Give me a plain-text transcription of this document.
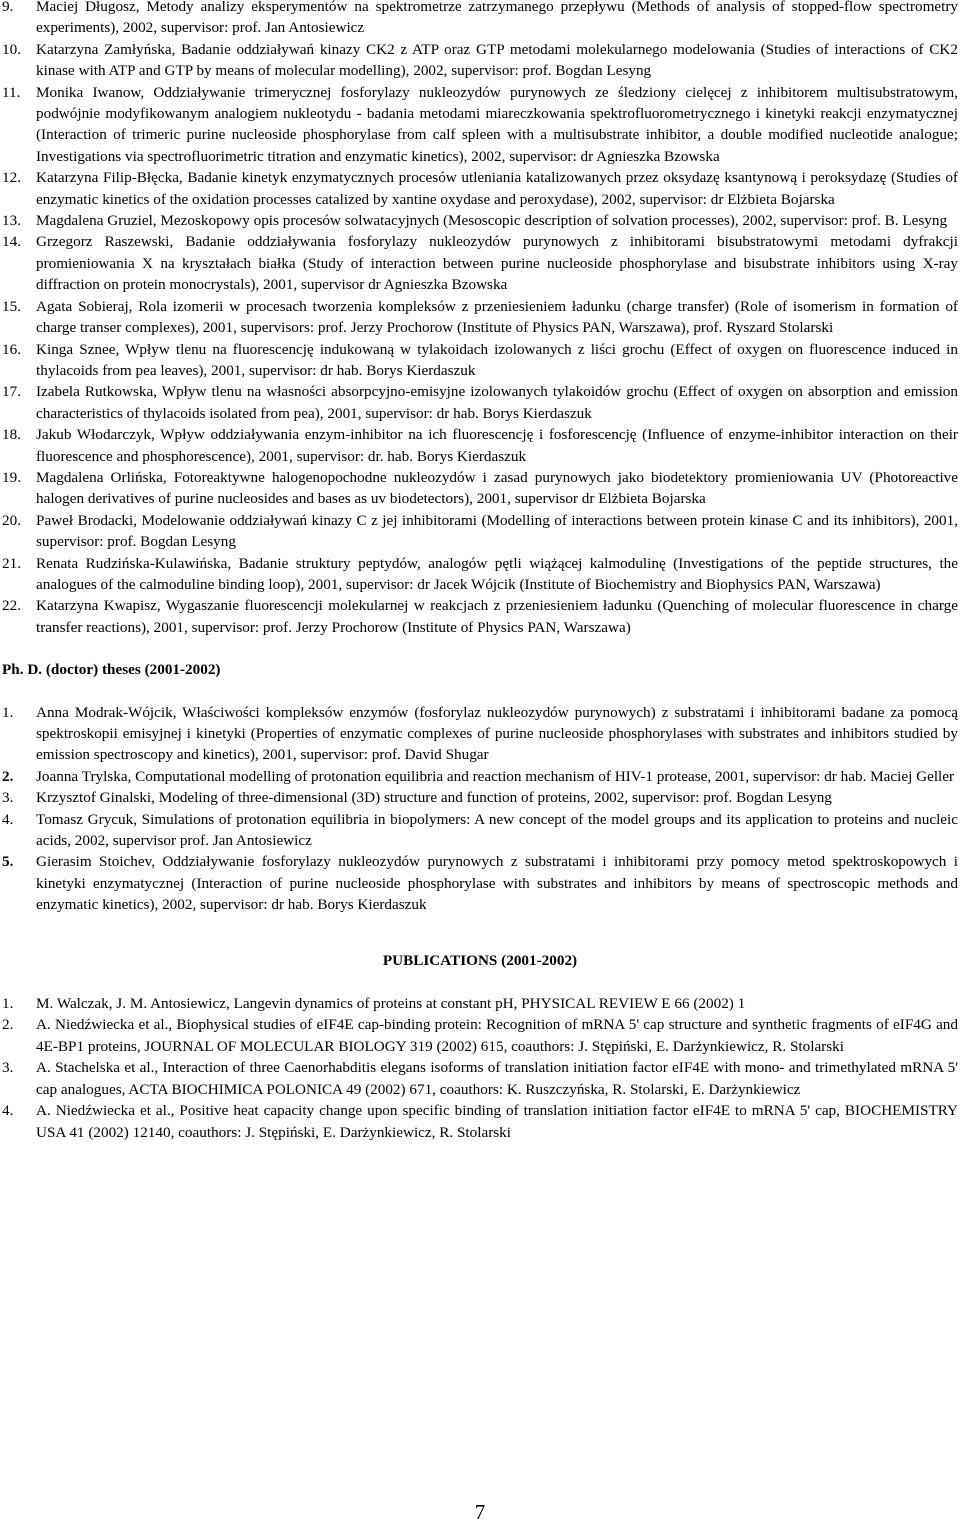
9.	Maciej Długosz, Metody analizy eksperymentów na spektrometrze zatrzymanego przepływu (Methods of analysis of stopped-flow spectrometry experiments), 2002, supervisor: prof. Jan Antosiewicz
10. Katarzyna Zamłyńska, Badanie oddziaływań kinazy CK2 z ATP oraz GTP metodami molekularnego modelowania (Studies of interactions of CK2 kinase with ATP and GTP by means of molecular modelling), 2002, supervisor: prof. Bogdan Lesyng
11.	Monika Iwanow, Oddziaływanie trimerycznej fosforylazy nukleozydów purynowych ze śledziony cielęcej z inhibitorem multisubstratowym, podwójnie modyfikowanym analogiem nukleotydu - badania metodami miareczkowania spektrofluorometrycznego i kinetyki reakcji enzymatycznej (Interaction of trimeric purine nucleoside phosphorylase from calf spleen with a multisubstrate inhibitor, a double modified nucleotide analogue; Investigations via spectrofluorimetric titration and enzymatic kinetics), 2002, supervisor: dr Agnieszka Bzowska
12. Katarzyna Filip-Błęcka, Badanie kinetyk enzymatycznych procesów utleniania katalizowanych przez oksydazę ksantynową i peroksydazę (Studies of enzymatic kinetics of the oxidation processes catalized by xantine oxydase and peroxydase), 2002, supervisor: dr Elżbieta Bojarska
13. Magdalena Gruziel, Mezoskopowy opis procesów solwatacyjnych (Mesoscopic description of solvation processes), 2002, supervisor: prof. B. Lesyng
14. Grzegorz Raszewski, Badanie oddziaływania fosforylazy nukleozydów purynowych z inhibitorami bisubstratowymi metodami dyfrakcji promieniowania X na kryształach białka (Study of interaction between purine nucleoside phosphorylase and bisubstrate inhibitors using X-ray diffraction on protein monocrystals), 2001, supervisor dr Agnieszka Bzowska
15. Agata Sobieraj, Rola izomerii w procesach tworzenia kompleksów z przeniesieniem ładunku (charge transfer) (Role of isomerism in formation of charge transer complexes), 2001, supervisors: prof. Jerzy Prochorow (Institute of Physics PAN, Warszawa), prof. Ryszard Stolarski
16. Kinga Sznee, Wpływ tlenu na fluorescencję indukowaną w tylakoidach izolowanych z liści grochu (Effect of oxygen on fluorescence induced in thylacoids from pea leaves), 2001, supervisor: dr hab. Borys Kierdaszuk
17. Izabela Rutkowska, Wpływ tlenu na własności absorpcyjno-emisyjne izolowanych tylakoidów grochu (Effect of oxygen on absorption and emission characteristics of thylacoids isolated from pea), 2001, supervisor: dr hab. Borys Kierdaszuk
18. Jakub Włodarczyk, Wpływ oddziaływania enzym-inhibitor na ich fluorescencję i fosforescencję (Influence of enzyme-inhibitor interaction on their fluorescence and phosphorescence), 2001, supervisor: dr. hab. Borys Kierdaszuk
19. Magdalena Orlińska, Fotoreaktywne halogenopochodne nukleozydów i zasad purynowych jako biodetektory promieniowania UV (Photoreactive halogen derivatives of purine nucleosides and bases as uv biodetectors), 2001, supervisor dr Elżbieta Bojarska
20. Paweł Brodacki, Modelowanie oddziaływań kinazy C z jej inhibitorami (Modelling of interactions between protein kinase C and its inhibitors), 2001, supervisor: prof. Bogdan Lesyng
21. Renata Rudzińska-Kulawińska, Badanie struktury peptydów, analogów pętli wiążącej kalmodulinę (Investigations of the peptide structures, the analogues of the calmoduline binding loop), 2001, supervisor: dr Jacek Wójcik (Institute of Biochemistry and Biophysics PAN, Warszawa)
22. Katarzyna Kwapisz, Wygaszanie fluorescencji molekularnej w reakcjach z przeniesieniem ładunku (Quenching of molecular fluorescence in charge transfer reactions), 2001, supervisor: prof. Jerzy Prochorow (Institute of Physics PAN, Warszawa)
Ph. D. (doctor) theses (2001-2002)
1.	Anna Modrak-Wójcik, Właściwości kompleksów enzymów (fosforylaz nukleozydów purynowych) z substratami i inhibitorami badane za pomocą spektroskopii emisyjnej i kinetyki (Properties of enzymatic complexes of purine nucleoside phosphorylases with substrates and inhibitors studied by emission spectroscopy and kinetics), 2001, supervisor: prof. David Shugar
2.	Joanna Trylska, Computational modelling of protonation equilibria and reaction mechanism of HIV-1 protease, 2001, supervisor: dr hab. Maciej Geller
3.	Krzysztof Ginalski, Modeling of three-dimensional (3D) structure and function of proteins, 2002, supervisor: prof. Bogdan Lesyng
4.	Tomasz Grycuk, Simulations of protonation equilibria in biopolymers: A new concept of the model groups and its application to proteins and nucleic acids, 2002, supervisor prof. Jan Antosiewicz
5.	Gierasim Stoichev, Oddziaływanie fosforylazy nukleozydów purynowych z substratami i inhibitorami przy pomocy metod spektroskopowych i kinetyki enzymatycznej (Interaction of purine nucleoside phosphorylase with substrates and inhibitors by means of spectroscopic methods and enzymatic kinetics), 2002, supervisor: dr hab. Borys Kierdaszuk
PUBLICATIONS (2001-2002)
1.	M. Walczak, J. M. Antosiewicz, Langevin dynamics of proteins at constant pH, PHYSICAL REVIEW E 66 (2002) 1
2.	A. Niedźwiecka et al., Biophysical studies of eIF4E cap-binding protein: Recognition of mRNA 5' cap structure and synthetic fragments of eIF4G and 4E-BP1 proteins, JOURNAL OF MOLECULAR BIOLOGY 319 (2002) 615, coauthors: J. Stępiński, E. Darżynkiewicz, R. Stolarski
3.	A. Stachelska et al., Interaction of three Caenorhabditis elegans isoforms of translation initiation factor eIF4E with mono- and trimethylated mRNA 5' cap analogues, ACTA BIOCHIMICA POLONICA 49 (2002) 671, coauthors: K. Ruszczyńska, R. Stolarski, E. Darżynkiewicz
4.	A. Niedźwiecka et al., Positive heat capacity change upon specific binding of translation initiation factor eIF4E to mRNA 5' cap, BIOCHEMISTRY USA 41 (2002) 12140, coauthors: J. Stępiński, E. Darżynkiewicz, R. Stolarski
7
